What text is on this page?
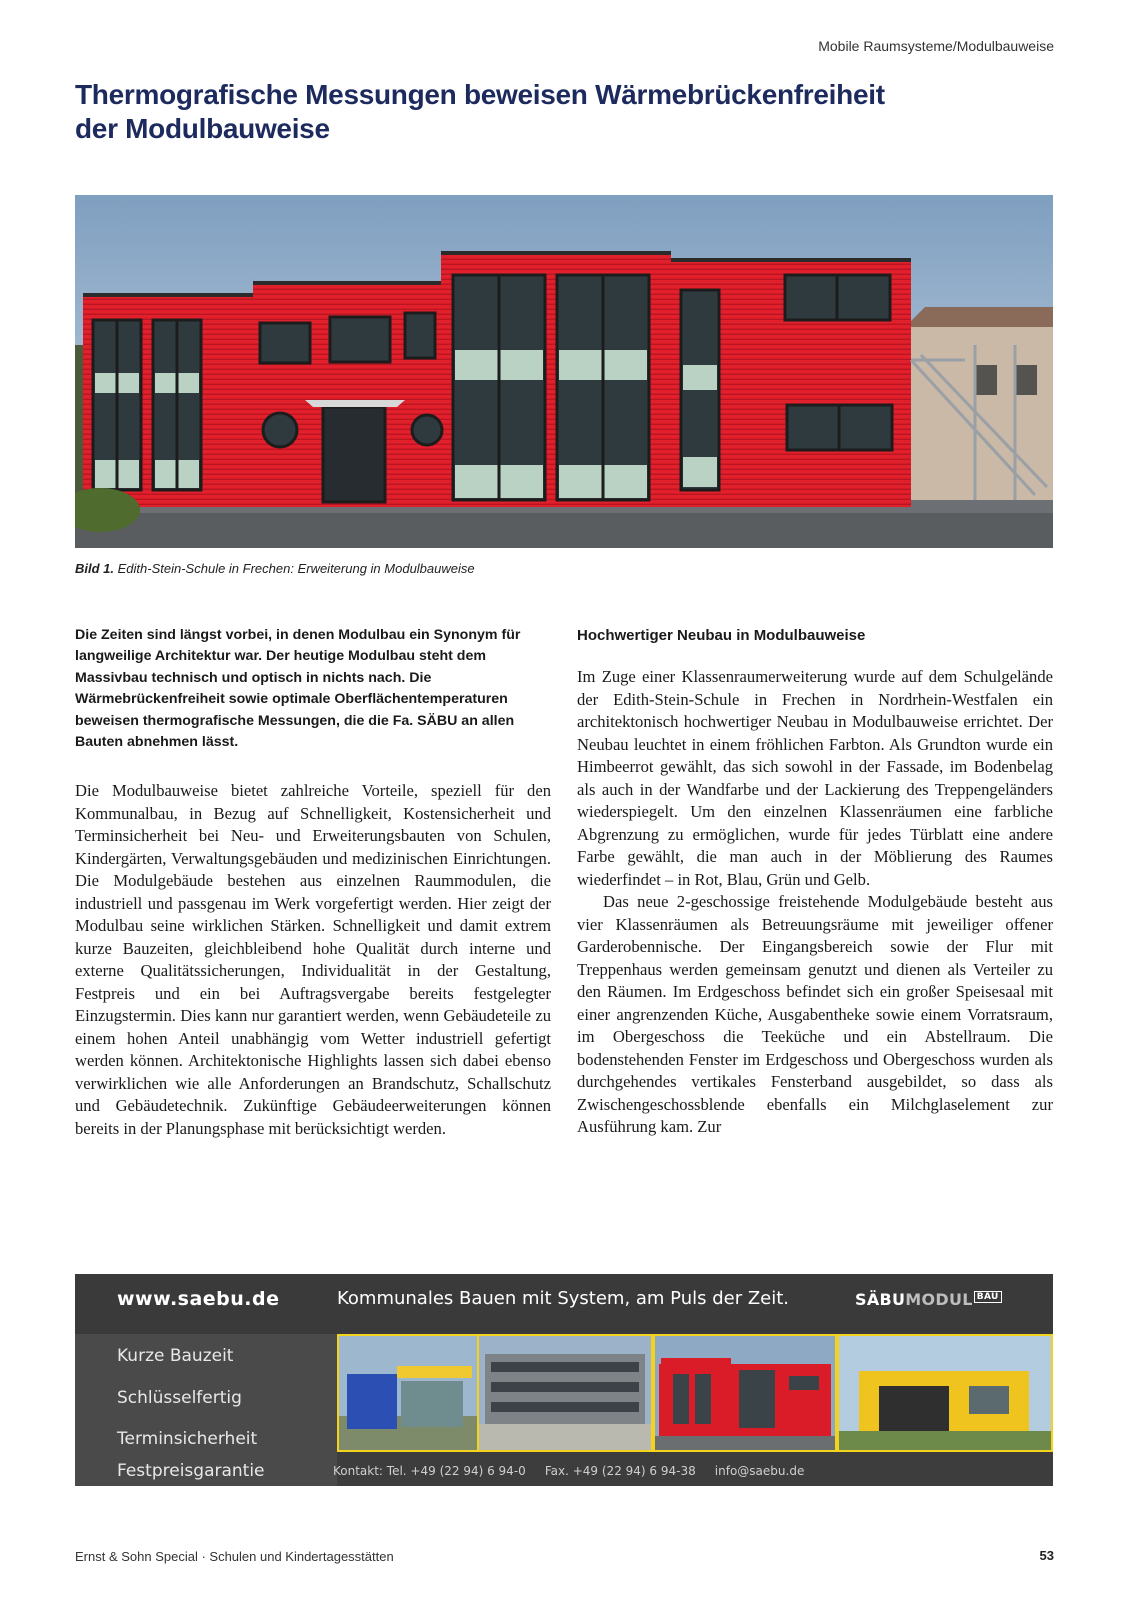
Mobile Raumsysteme/Modulbauweise
Thermografische Messungen beweisen Wärmebrückenfreiheit
der Modulbauweise
Bild 1. Edith-Stein-Schule in Frechen: Erweiterung in Modulbauweise

Die Zeiten sind längst vorbei, in denen Modulbau ein Synonym für langweilige Architektur war. Der heutige Modulbau steht dem Massivbau technisch und optisch in nichts nach. Die Wärmebrückenfreiheit sowie optimale Oberflächentemperaturen beweisen thermografische Messungen, die die Fa. SÄBU an allen Bauten abnehmen lässt.

Die Modulbauweise bietet zahlreiche Vorteile, speziell für den Kommunalbau, in Bezug auf Schnelligkeit, Kostensicherheit und Terminsicherheit bei Neu- und Erweiterungsbauten von Schulen, Kindergärten, Verwaltungsgebäuden und medizinischen Einrichtungen. Die Modulgebäude bestehen aus einzelnen Raummodulen, die industriell und passgenau im Werk vorgefertigt werden. Hier zeigt der Modulbau seine wirklichen Stärken. Schnelligkeit und damit extrem kurze Bauzeiten, gleichbleibend hohe Qualität durch interne und externe Qualitätssicherungen, Individualität in der Gestaltung, Festpreis und ein bei Auftragsvergabe bereits festgelegter Einzugstermin. Dies kann nur garantiert werden, wenn Gebäudeteile zu einem hohen Anteil unabhängig vom Wetter industriell gefertigt werden können. Architektonische Highlights lassen sich dabei ebenso verwirklichen wie alle Anforderungen an Brandschutz, Schallschutz und Gebäudetechnik. Zukünftige Gebäudeerweiterungen können bereits in der Planungsphase mit berücksichtigt werden.

Hochwertiger Neubau in Modulbauweise

Im Zuge einer Klassenraumerweiterung wurde auf dem Schulgelände der Edith-Stein-Schule in Frechen in Nordrhein-Westfalen ein architektonisch hochwertiger Neubau in Modulbauweise errichtet. Der Neubau leuchtet in einem fröhlichen Farbton. Als Grundton wurde ein Himbeerrot gewählt, das sich sowohl in der Fassade, im Bodenbelag als auch in der Wandfarbe und der Lackierung des Treppengeländers wiederspiegelt. Um den einzelnen Klassenräumen eine farbliche Abgrenzung zu ermöglichen, wurde für jedes Türblatt eine andere Farbe gewählt, die man auch in der Möblierung des Raumes wiederfindet – in Rot, Blau, Grün und Gelb.

Das neue 2-geschossige freistehende Modulgebäude besteht aus vier Klassenräumen als Betreuungsräume mit jeweiliger offener Garderobennische. Der Eingangsbereich sowie der Flur mit Treppenhaus werden gemeinsam genutzt und dienen als Verteiler zu den Räumen. Im Erdgeschoss befindet sich ein großer Speisesaal mit einer angrenzenden Küche, Ausgabentheke sowie einem Vorratsraum, im Obergeschoss die Teeküche und ein Abstellraum. Die bodenstehenden Fenster im Erdgeschoss und Obergeschoss wurden als durchgehendes vertikales Fensterband ausgebildet, so dass als Zwischengeschossblende ebenfalls ein Milchglaselement zur Ausführung kam. Zur

www.saebu.de	Kommunales Bauen mit System, am Puls der Zeit.	SÄBUMODUL BAU
Kurze Bauzeit
Schlüsselfertig
Terminsicherheit
Festpreisgarantie	Kontakt: Tel. +49 (22 94) 6 94-0     Fax. +49 (22 94) 6 94-38     info@saebu.de
Ernst & Sohn Special · Schulen und Kindertagesstätten	53
